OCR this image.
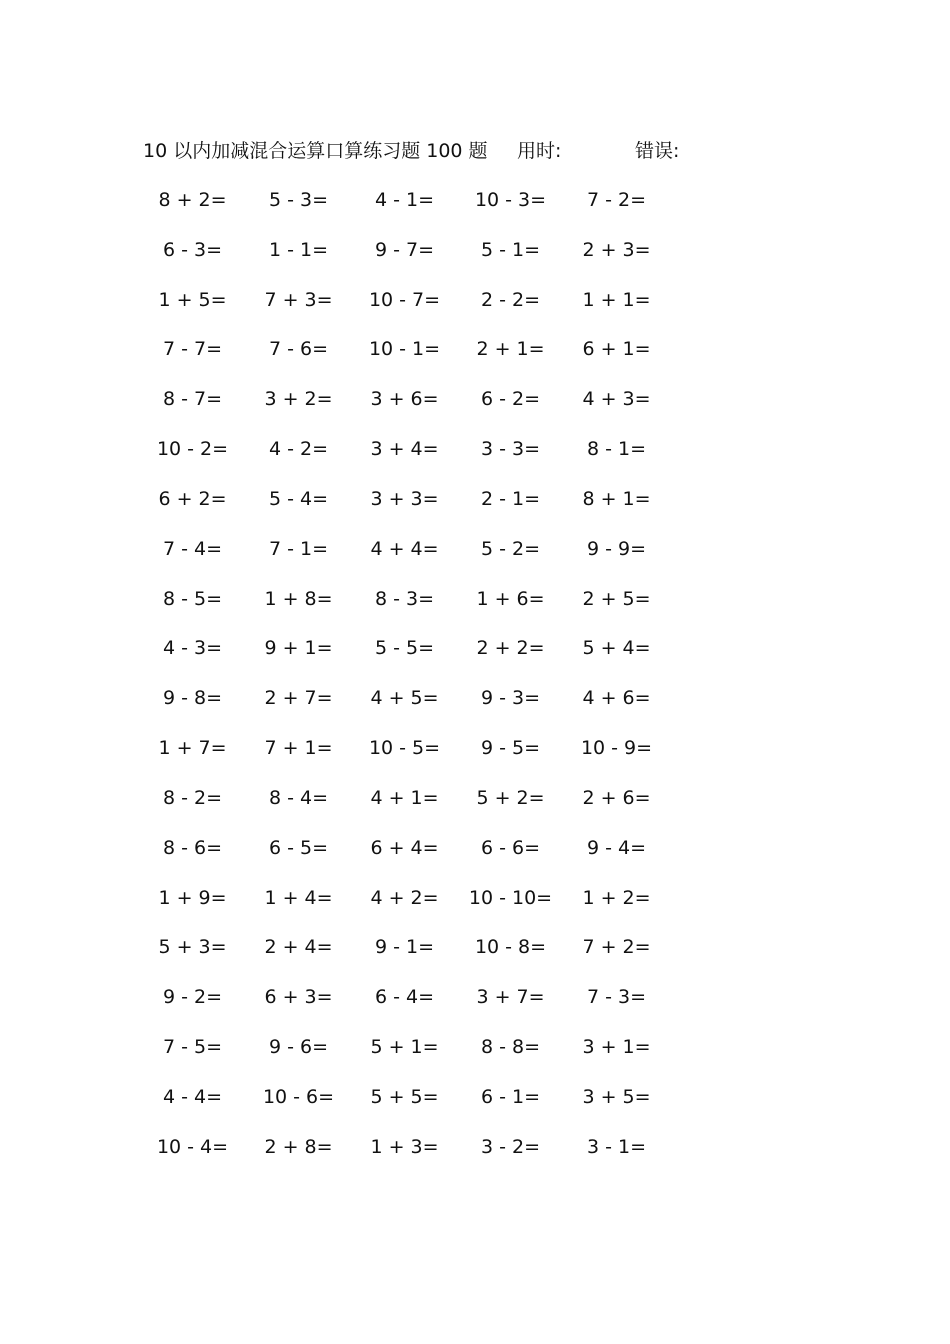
10 以内加减混合运算口算练习题 100 题 用时:	错误:
8 + 2=	5 - 3=	4 - 1=	10 - 3=	7 - 2=
6 - 3=	1 - 1=	9 - 7=	5 - 1=	2 + 3=
1 + 5=	7 + 3=	10 - 7=	2 - 2=	1 + 1=
7 - 7=	7 - 6=	10 - 1=	2 + 1=	6 + 1=
8 - 7=	3 + 2=	3 + 6=	6 - 2=	4 + 3=
10 - 2=	4 - 2=	3 + 4=	3 - 3=	8 - 1=
6 + 2=	5 - 4=	3 + 3=	2 - 1=	8 + 1=
7 - 4=	7 - 1=	4 + 4=	5 - 2=	9 - 9=
8 - 5=	1 + 8=	8 - 3=	1 + 6=	2 + 5=
4 - 3=	9 + 1=	5 - 5=	2 + 2=	5 + 4=
9 - 8=	2 + 7=	4 + 5=	9 - 3=	4 + 6=
1 + 7=	7 + 1=	10 - 5=	9 - 5=	10 - 9=
8 - 2=	8 - 4=	4 + 1=	5 + 2=	2 + 6=
8 - 6=	6 - 5=	6 + 4=	6 - 6=	9 - 4=
1 + 9=	1 + 4=	4 + 2=	10 - 10=	1 + 2=
5 + 3=	2 + 4=	9 - 1=	10 - 8=	7 + 2=
9 - 2=	6 + 3=	6 - 4=	3 + 7=	7 - 3=
7 - 5=	9 - 6=	5 + 1=	8 - 8=	3 + 1=
4 - 4=	10 - 6=	5 + 5=	6 - 1=	3 + 5=
10 - 4=	2 + 8=	1 + 3=	3 - 2=	3 - 1=
